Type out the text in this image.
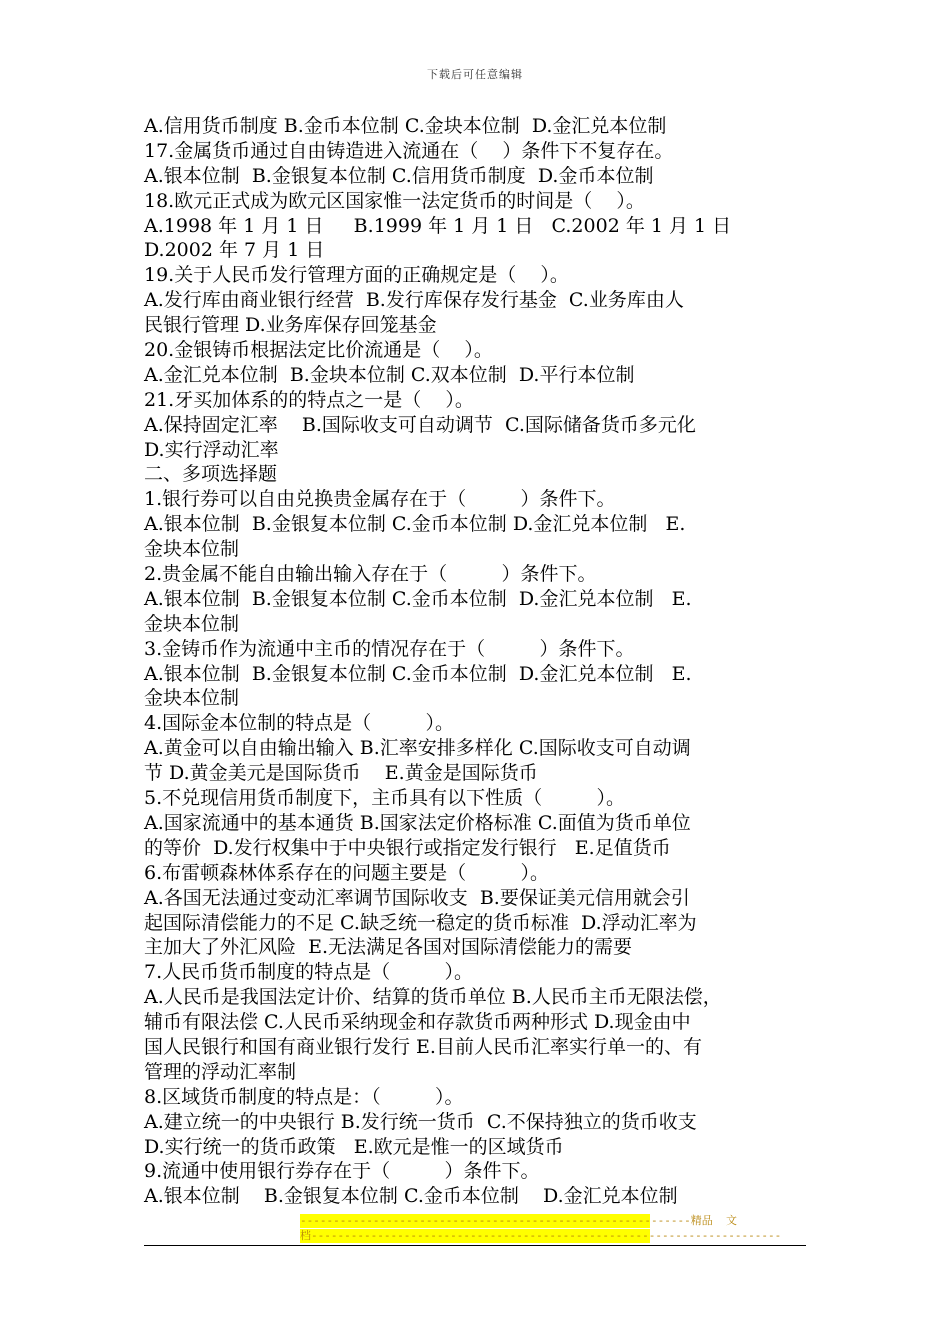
下载后可任意编辑
A.信用货币制度 B.金币本位制 C.金块本位制  D.金汇兑本位制
17.金属货币通过自由铸造进入流通在（    ）条件下不复存在。
A.银本位制  B.金银复本位制 C.信用货币制度  D.金币本位制
18.欧元正式成为欧元区国家惟一法定货币的时间是（    ）。
A.1998 年 1 月 1 日     B.1999 年 1 月 1 日   C.2002 年 1 月 1 日
D.2002 年 7 月 1 日
19.关于人民币发行管理方面的正确规定是（    ）。
A.发行库由商业银行经营  B.发行库保存发行基金  C.业务库由人
民银行管理 D.业务库保存回笼基金
20.金银铸币根据法定比价流通是（    ）。
A.金汇兑本位制  B.金块本位制 C.双本位制  D.平行本位制
21.牙买加体系的的特点之一是（    ）。
A.保持固定汇率    B.国际收支可自动调节  C.国际储备货币多元化
D.实行浮动汇率
二、多项选择题
1.银行券可以自由兑换贵金属存在于（         ）条件下。
A.银本位制  B.金银复本位制 C.金币本位制 D.金汇兑本位制   E.
金块本位制
2.贵金属不能自由输出输入存在于（         ）条件下。
A.银本位制  B.金银复本位制 C.金币本位制  D.金汇兑本位制   E.
金块本位制
3.金铸币作为流通中主币的情况存在于（         ）条件下。
A.银本位制  B.金银复本位制 C.金币本位制  D.金汇兑本位制   E.
金块本位制
4.国际金本位制的特点是（         ）。
A.黄金可以自由输出输入 B.汇率安排多样化 C.国际收支可自动调
节 D.黄金美元是国际货币    E.黄金是国际货币
5.不兑现信用货币制度下，主币具有以下性质（         ）。
A.国家流通中的基本通货 B.国家法定价格标准 C.面值为货币单位
的等价  D.发行权集中于中央银行或指定发行银行   E.足值货币
6.布雷顿森林体系存在的问题主要是（         ）。
A.各国无法通过变动汇率调节国际收支  B.要保证美元信用就会引
起国际清偿能力的不足 C.缺乏统一稳定的货币标准  D.浮动汇率为
主加大了外汇风险  E.无法满足各国对国际清偿能力的需要
7.人民币货币制度的特点是（         ）。
A.人民币是我国法定计价、结算的货币单位 B.人民币主币无限法偿，
辅币有限法偿 C.人民币采纳现金和存款货币两种形式 D.现金由中
国人民银行和国有商业银行发行 E.目前人民币汇率实行单一的、有
管理的浮动汇率制
8.区域货币制度的特点是：（         ）。
A.建立统一的中央银行 B.发行统一货币  C.不保持独立的货币收支
D.实行统一的货币政策   E.欧元是惟一的区域货币
9.流通中使用银行券存在于（         ）条件下。
A.银本位制    B.金银复本位制 C.金币本位制    D.金汇兑本位制
-----------------------------------------------------------精品  文
档-----------------------------------------------------------------------
